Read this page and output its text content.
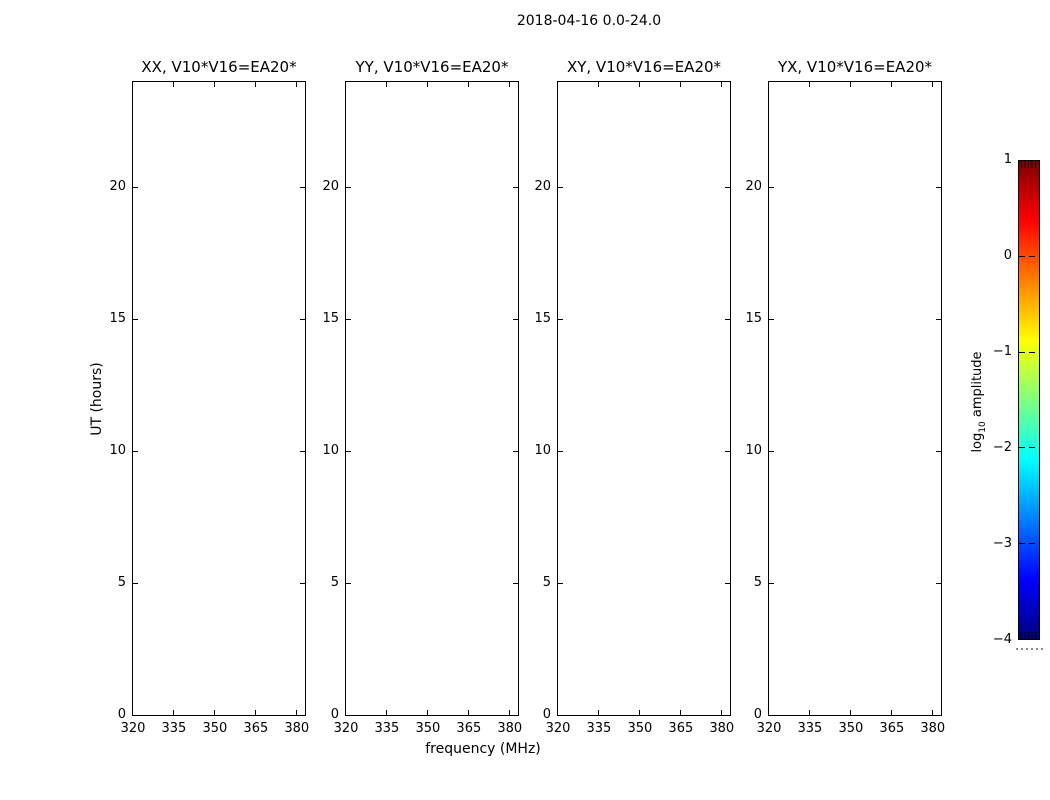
2018-04-16 0.0-24.0
XX, V10*V16=EA20*
320	335	350	365	380
0
5
10
15
20
YY, V10*V16=EA20*
320	335	350	365	380
0
5
10
15
20
XY, V10*V16=EA20*
320	335	350	365	380
0
5
10
15
20
YX, V10*V16=EA20*
320	335	350	365	380
0
5
10
15
20
UT (hours)
frequency (MHz)
1
0
−1
−2
−3
−4
$\log_{10}$ amplitude
